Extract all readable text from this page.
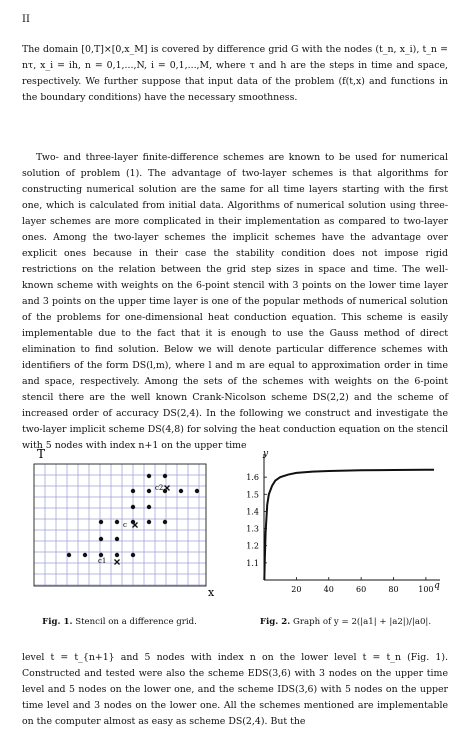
II

The domain [0,T]×[0,x_M] is covered by difference grid G with the nodes (t_n, x_i), t_n = nτ, x_i = ih, n = 0,1,...,N, i = 0,1,...,M, where τ and h are the steps in time and space, respectively. We further suppose that input data of the problem (f(t,x) and functions in the boundary conditions) have the necessary smoothness.

Two- and three-layer finite-difference schemes are known to be used for numerical solution of problem (1). The advantage of two-layer schemes is that algorithms for constructing numerical solution are the same for all time layers starting with the first one, which is calculated from initial data. Algorithms of numerical solution using three-layer schemes are more complicated in their implementation as compared to two-layer ones. Among the two-layer schemes the implicit schemes have the advantage over explicit ones because in their case the stability condition does not impose rigid restrictions on the relation between the grid step sizes in space and time. The well-known scheme with weights on the 6-point stencil with 3 points on the lower time layer and 3 points on the upper time layer is one of the popular methods of numerical solution of the problems for one-dimensional heat conduction equation. This scheme is easily implementable due to the fact that it is enough to use the Gauss method of direct elimination to find solution. Below we will denote particular difference schemes with identifiers of the form DS(l,m), where l and m are equal to approximation order in time and space, respectively. Among the sets of the schemes with weights on the 6-point stencil there are the well known Crank-Nicolson scheme DS(2,2) and the scheme of increased order of accuracy DS(2,4). In the following we construct and investigate the two-layer implicit scheme DS(4,8) for solving the heat conduction equation on the stencil with 5 nodes with index n+1 on the upper time

T
x
c1
c
c2
Fig. 1. Stencil on a difference grid.
20	40	60	80 100
1.1
1.2
1.3
1.4
1.5
1.6
y
q
Fig. 2. Graph of y = 2(|a1| + |a2|)/|a0|.

level t = t_{n+1} and 5 nodes with index n on the lower level t = t_n (Fig. 1). Constructed and tested were also the scheme EDS(3,6) with 3 nodes on the upper time level and 5 nodes on the lower one, and the scheme IDS(3,6) with 5 nodes on the upper time level and 3 nodes on the lower one. All the schemes mentioned are implementable on the computer almost as easy as scheme DS(2,4). But the
